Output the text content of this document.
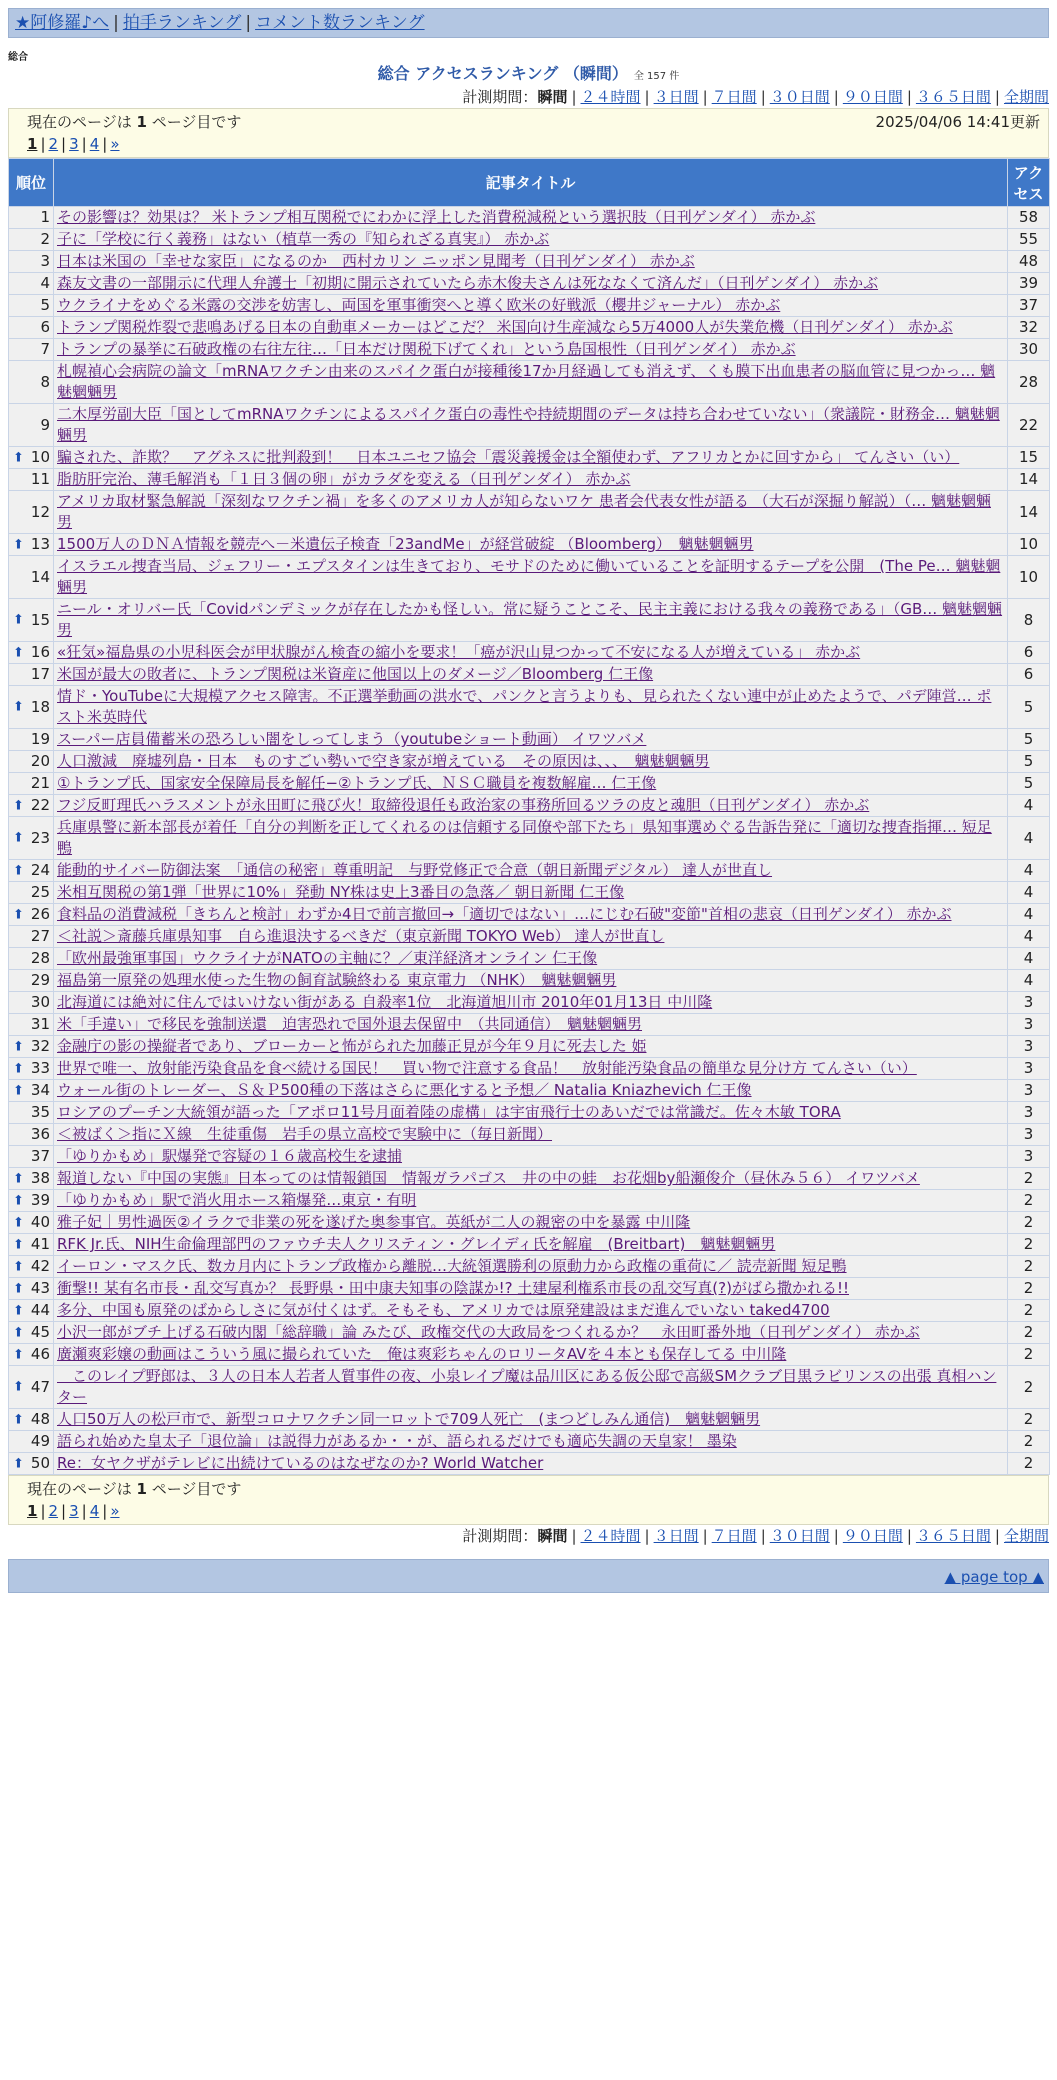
★阿修羅♪へ | 拍手ランキング | コメント数ランキング
総合
総合 アクセスランキング （瞬間） 全 157 件
計測期間：瞬間 | ２４時間 | ３日間 | ７日間 | ３０日間 | ９０日間 | ３６５日間 | 全期間
現在のページは 1 ページ目です	2025/04/06 14:41更新
1 | 2 | 3 | 4 | »
順位	記事タイトル	アクセス
1	その影響は？効果は？ 米トランプ相互関税でにわかに浮上した消費税減税という選択肢（日刊ゲンダイ） 赤かぶ	58
2	子に「学校に行く義務」はない（植草一秀の『知られざる真実』） 赤かぶ	55
3	日本は米国の「幸せな家臣」になるのか　西村カリン ニッポン見聞考（日刊ゲンダイ） 赤かぶ	48
4	森友文書の一部開示に代理人弁護士「初期に開示されていたら赤木俊夫さんは死ななくて済んだ」（日刊ゲンダイ） 赤かぶ	39
5	ウクライナをめぐる米露の交渉を妨害し、両国を軍事衝突へと導く欧米の好戦派（櫻井ジャーナル） 赤かぶ	37
6	トランプ関税炸裂で悲鳴あげる日本の自動車メーカーはどこだ？ 米国向け生産減なら5万4000人が失業危機（日刊ゲンダイ） 赤かぶ	32
7	トランプの暴挙に石破政権の右往左往…「日本だけ関税下げてくれ」という島国根性（日刊ゲンダイ） 赤かぶ	30
8	札幌禎心会病院の論文「mRNAワクチン由来のスパイク蛋白が接種後17か月経過しても消えず、くも膜下出血患者の脳血管に見つかっ… 魑魅魍魎男	28
9	二木厚労副大臣「国としてmRNAワクチンによるスパイク蛋白の毒性や持続期間のデータは持ち合わせていない」（衆議院・財務金… 魑魅魍魎男	22

⬆ 10	騙された、詐欺？　アグネスに批判殺到！　日本ユニセフ協会「震災義援金は全額使わず、アフリカとかに回すから」 てんさい（い）	15
11	脂肪肝完治、薄毛解消も「１日３個の卵」がカラダを変える（日刊ゲンダイ） 赤かぶ	14
12	アメリカ取材緊急解説「深刻なワクチン禍」を多くのアメリカ人が知らないワケ 患者会代表女性が語る （大石が深掘り解説）（… 魑魅魍魎男	14

⬆ 13	1500万人のＤＮＡ情報を競売へ－米遺伝子検査「23andMe」が経営破綻 （Bloomberg）　魑魅魍魎男	10
14	イスラエル捜査当局、ジェフリー・エプスタインは生きており、モサドのために働いていることを証明するテープを公開　(The Pe… 魑魅魍魎男	10

⬆ 15	ニール・オリバー氏「Covidパンデミックが存在したかも怪しい。常に疑うことこそ、民主主義における我々の義務である」（GB… 魑魅魍魎男	8

⬆ 16	«狂気»福島県の小児科医会が甲状腺がん検査の縮小を要求！「癌が沢山見つかって不安になる人が増えている」 赤かぶ	6
17	米国が最大の敗者に、トランプ関税は米資産に他国以上のダメージ／Bloomberg 仁王像	6

⬆ 18	情ド・YouTubeに大規模アクセス障害。不正選挙動画の洪水で、パンクと言うよりも、見られたくない連中が止めたようで、パデ陣営… ポスト米英時代	5
19	スーパー店員備蓄米の恐ろしい闇をしってしまう（youtubeショート動画） イワツバメ	5
20	人口激減　廃墟列島・日本　ものすごい勢いで空き家が増えている　その原因は、、、　魑魅魍魎男	5
21	①トランプ氏、国家安全保障局長を解任−②トランプ氏、ＮＳＣ職員を複数解雇… 仁王像	5

⬆ 22	フジ反町理氏ハラスメントが永田町に飛び火！取締役退任も政治家の事務所回るツラの皮と魂胆（日刊ゲンダイ） 赤かぶ	4

⬆ 23	兵庫県警に新本部長が着任「自分の判断を正してくれるのは信頼する同僚や部下たち」県知事選めぐる告訴告発に「適切な捜査指揮… 短足鴨	4

⬆ 24	能動的サイバー防御法案　「通信の秘密」尊重明記　与野党修正で合意（朝日新聞デジタル） 達人が世直し	4
25	米相互関税の第1弾「世界に10%」発動 NY株は史上3番目の急落／ 朝日新聞 仁王像	4

⬆ 26	食料品の消費減税「きちんと検討」わずか4日で前言撤回→「適切ではない」…にじむ石破"変節"首相の悲哀（日刊ゲンダイ） 赤かぶ	4
27	＜社説＞斎藤兵庫県知事　自ら進退決するべきだ（東京新聞 TOKYO Web） 達人が世直し	4
28	「欧州最強軍事国」ウクライナがNATOの主軸に？／東洋経済オンライン 仁王像	4
29	福島第一原発の処理水使った生物の飼育試験終わる 東京電力 （NHK）　魑魅魍魎男	4
30	北海道には絶対に住んではいけない街がある 自殺率1位　北海道旭川市 2010年01月13日 中川隆	3
31	米「手違い」で移民を強制送還　迫害恐れで国外退去保留中　（共同通信）　魑魅魍魎男	3

⬆ 32	金融庁の影の操縦者であり、ブローカーと怖がられた加藤正見が今年９月に死去した 姫	3

⬆ 33	世界で唯一、放射能汚染食品を食べ続ける国民！　買い物で注意する食品！　放射能汚染食品の簡単な見分け方 てんさい（い）	3

⬆ 34	ウォール街のトレーダー、Ｓ＆Ｐ500種の下落はさらに悪化すると予想／ Natalia Kniazhevich 仁王像	3
35	ロシアのプーチン大統領が語った「アポロ11号月面着陸の虚構」は宇宙飛行士のあいだでは常識だ。佐々木敏 TORA	3
36	＜被ばく＞指にＸ線　生徒重傷　岩手の県立高校で実験中に（毎日新聞）	3
37	「ゆりかもめ」駅爆発で容疑の１６歳高校生を逮捕	3

⬆ 38	報道しない『中国の実態』日本ってのは情報鎖国　情報ガラパゴス　井の中の蛙　お花畑by船瀬俊介（昼休み５６） イワツバメ	2

⬆ 39	「ゆりかもめ」駅で消火用ホース箱爆発…東京・有明	2

⬆ 40	雅子妃｜男性過医②イラクで非業の死を遂げた奥参事官。英紙が二人の親密の中を暴露 中川隆	2

⬆ 41	RFK Jr.氏、NIH生命倫理部門のファウチ夫人クリスティン・グレイディ氏を解雇　(Breitbart)　魑魅魍魎男	2

⬆ 42	イーロン・マスク氏、数カ月内にトランプ政権から離脱…大統領選勝利の原動力から政権の重荷に／ 読売新聞 短足鴨	2

⬆ 43	衝撃!! 某有名市長・乱交写真か？ 長野県・田中康夫知事の陰謀か!? 土建屋利権系市長の乱交写真(?)がばら撒かれる!!	2

⬆ 44	多分、中国も原発のばからしさに気が付くはず。そもそも、アメリカでは原発建設はまだ進んでいない taked4700	2

⬆ 45	小沢一郎がブチ上げる石破内閣「総辞職」論 みたび、政権交代の大政局をつくれるか？　永田町番外地（日刊ゲンダイ） 赤かぶ	2

⬆ 46	廣瀬爽彩嬢の動画はこういう風に撮られていた＿俺は爽彩ちゃんのロリータAVを４本とも保存してる 中川隆	2

⬆ 47	　このレイプ野郎は、３人の日本人若者人質事件の夜、小泉レイプ魔は品川区にある仮公邸で高級SMクラブ目黒ラビリンスの出張 真相ハンター	2

⬆ 48	人口50万人の松戸市で、新型コロナワクチン同一ロットで709人死亡　(まつどしみん通信)　魑魅魍魎男	2
49	語られ始めた皇太子「退位論」は説得力があるか・・が、語られるだけでも適応失調の天皇家！ 墨染	2

⬆ 50	Re：女ヤクザがテレビに出続けているのはなぜなのか? World Watcher	2
現在のページは 1 ページ目です
1 | 2 | 3 | 4 | »
計測期間：瞬間 | ２４時間 | ３日間 | ７日間 | ３０日間 | ９０日間 | ３６５日間 | 全期間
▲ page top ▲
